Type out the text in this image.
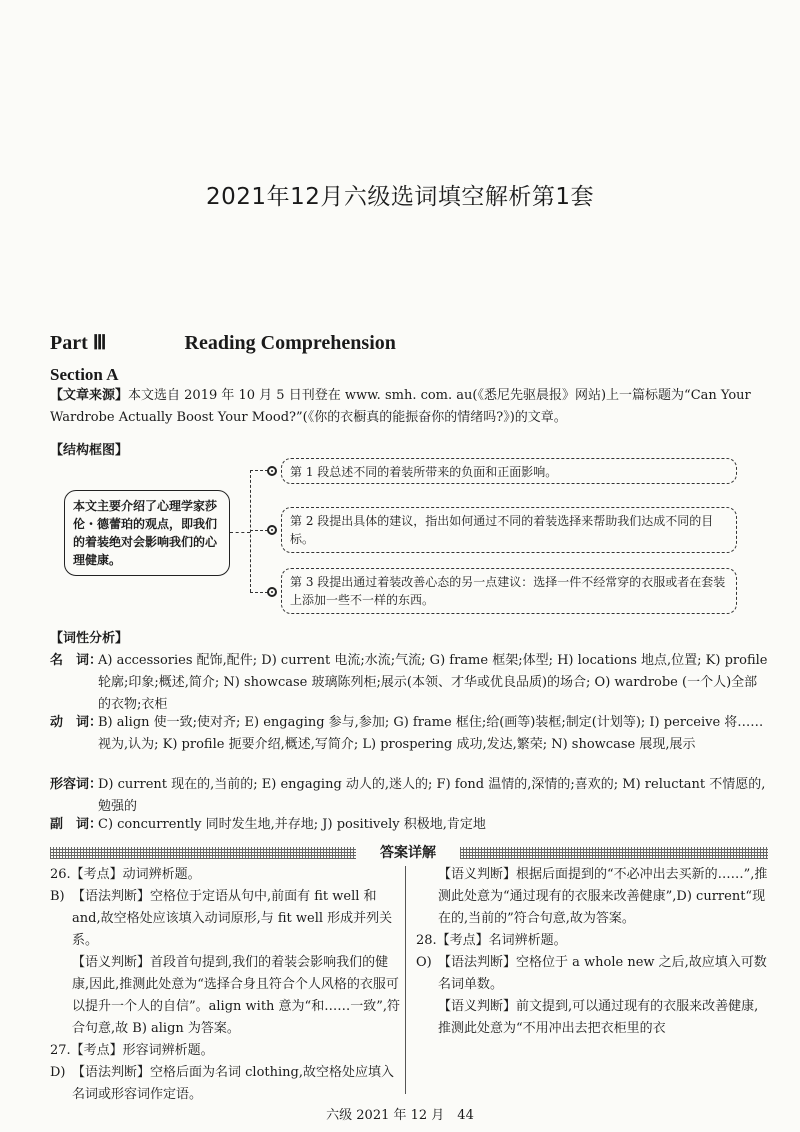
2021年12月六级选词填空解析第1套
Part Ⅲ	Reading Comprehension
Section A
【文章来源】本文选自 2019 年 10 月 5 日刊登在 www. smh. com. au(《悉尼先驱晨报》网站)上一篇标题为“Can Your Wardrobe Actually Boost Your Mood?”(《你的衣橱真的能振奋你的情绪吗?》)的文章。
【结构框图】
本文主要介绍了心理学家莎伦・德蕾珀的观点，即我们的着装绝对会影响我们的心理健康。
第 1 段总述不同的着装所带来的负面和正面影响。
第 2 段提出具体的建议，指出如何通过不同的着装选择来帮助我们达成不同的目标。
第 3 段提出通过着装改善心态的另一点建议：选择一件不经常穿的衣服或者在套装上添加一些不一样的东西。
【词性分析】
名　词：
A) accessories 配饰,配件; D) current 电流;水流;气流; G) frame 框架;体型; H) locations 地点,位置; K) profile 轮廓;印象;概述,简介; N) showcase 玻璃陈列柜;展示(本领、才华或优良品质)的场合; O) wardrobe (一个人)全部的衣物;衣柜
动　词：
B) align 使一致;使对齐; E) engaging 参与,参加; G) frame 框住;给(画等)装框;制定(计划等); I) perceive 将……视为,认为; K) profile 扼要介绍,概述,写简介; L) prospering 成功,发达,繁荣; N) showcase 展现,展示
形容词：
D) current 现在的,当前的; E) engaging 动人的,迷人的; F) fond 温情的,深情的;喜欢的; M) reluctant 不情愿的,勉强的
副　词：
C) concurrently 同时发生地,并存地; J) positively 积极地,肯定地
答案详解
26.【考点】动词辨析题。
B) 【语法判断】空格位于定语从句中,前面有 fit well 和 and,故空格处应该填入动词原形,与 fit well 形成并列关系。
【语义判断】首段首句提到,我们的着装会影响我们的健康,因此,推测此处意为“选择合身且符合个人风格的衣服可以提升一个人的自信”。align with 意为“和……一致”,符合句意,故 B) align 为答案。
27.【考点】形容词辨析题。
D) 【语法判断】空格后面为名词 clothing,故空格处应填入名词或形容词作定语。
【语义判断】根据后面提到的“不必冲出去买新的……”,推测此处意为“通过现有的衣服来改善健康”,D) current“现在的,当前的”符合句意,故为答案。
28.【考点】名词辨析题。
O) 【语法判断】空格位于 a whole new 之后,故应填入可数名词单数。
【语义判断】前文提到,可以通过现有的衣服来改善健康,推测此处意为“不用冲出去把衣柜里的衣
六级 2021 年 12 月　44
